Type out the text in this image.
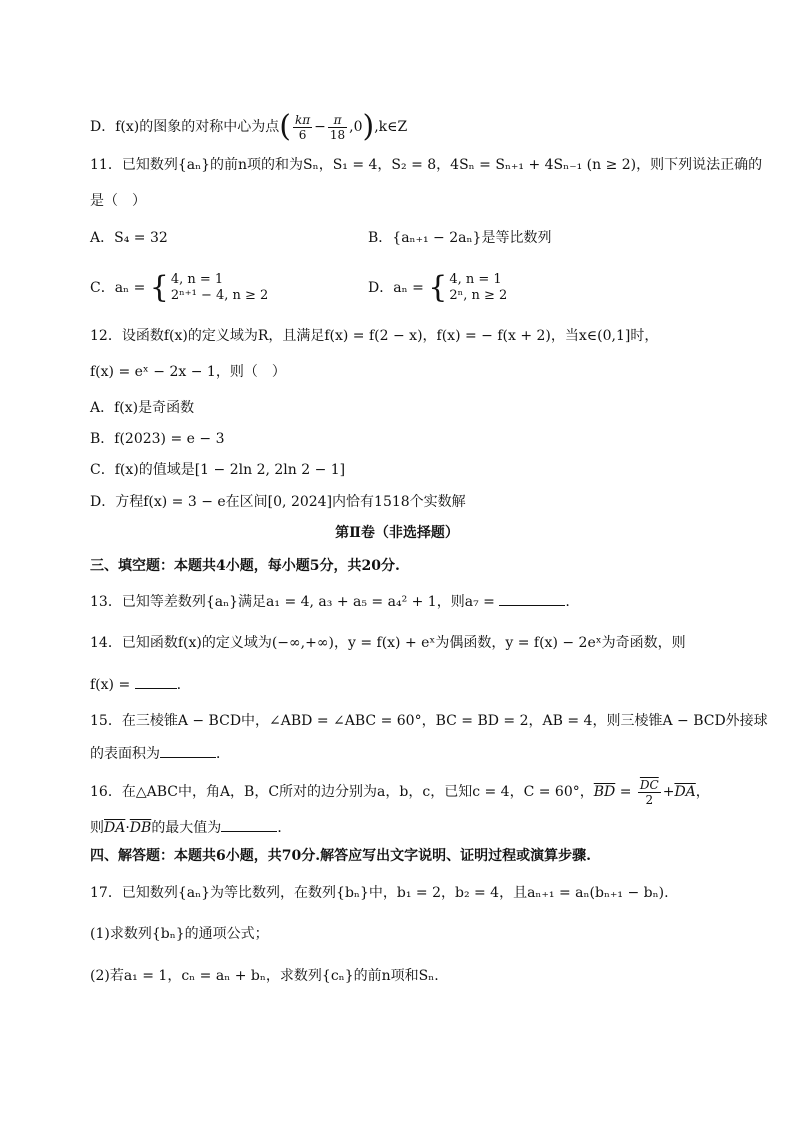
D．f(x)的图象的对称中心为点( $\frac{k\pi}{6} - \frac{\pi}{18}$ ,0),k∈Z
11．已知数列{aₙ}的前n项的和为Sₙ，S₁ = 4，S₂ = 8，4Sₙ = Sₙ₊₁ + 4Sₙ₋₁ (n ≥ 2)，则下列说法正确的
是（　）
A．S₄ = 32	B．{aₙ₊₁ − 2aₙ}是等比数列
C．aₙ = { 4, n = 1
2ⁿ⁺¹ − 4, n ≥ 2	D．aₙ = { 4, n = 1
2ⁿ, n ≥ 2
12．设函数f(x)的定义域为R，且满足f(x) = f(2 − x)，f(x) = − f(x + 2)，当x∈(0,1]时，
f(x) = eˣ − 2x − 1，则（　）
A．f(x)是奇函数
B．f(2023) = e − 3
C．f(x)的值域是[1 − 2ln 2, 2ln 2 − 1]
D．方程f(x) = 3 − e在区间[0, 2024]内恰有1518个实数解
第Ⅱ卷（非选择题）
三、填空题：本题共4小题，每小题5分，共20分.
13．已知等差数列{aₙ}满足a₁ = 4, a₃ + a₅ = a₄² + 1，则a₇ =	.
14．已知函数f(x)的定义域为(−∞,+∞)，y = f(x) + eˣ为偶函数，y = f(x) − 2eˣ为奇函数，则
f(x) =	.
15．在三棱锥A − BCD中，∠ABD = ∠ABC = 60°，BC = BD = 2，AB = 4，则三棱锥A − BCD外接球
的表面积为	．
16．在△ABC中，角A，B，C所对的边分别为a，b，c，已知c = 4，C = 60°，$\overline{BD} = \frac{\overline{DC}}{2} +\overline{DA}$，
则$\overline{DA}\cdot\overline{DB}$的最大值为	．
四、解答题：本题共6小题，共70分.解答应写出文字说明、证明过程或演算步骤.
17．已知数列{aₙ}为等比数列，在数列{bₙ}中，b₁ = 2，b₂ = 4，且aₙ₊₁ = aₙ(bₙ₊₁ − bₙ).
(1)求数列{bₙ}的通项公式；
(2)若a₁ = 1，cₙ = aₙ + bₙ，求数列{cₙ}的前n项和Sₙ.
